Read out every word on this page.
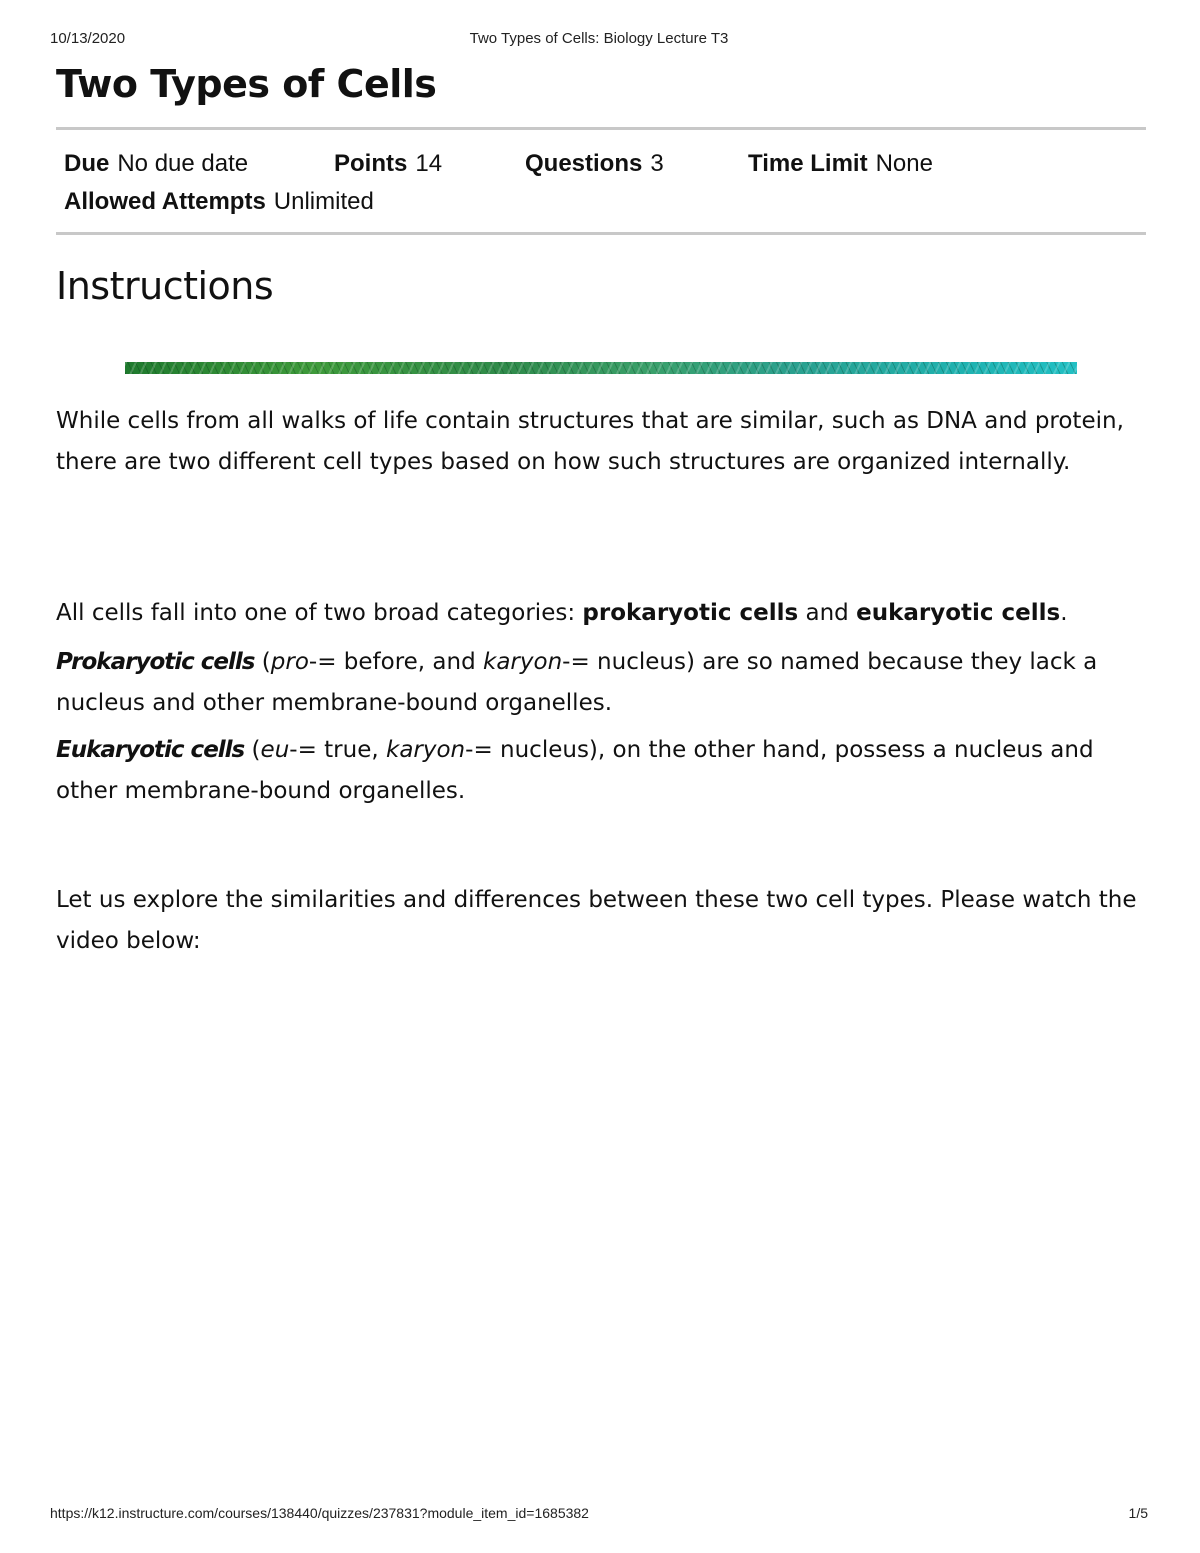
10/13/2020	Two Types of Cells: Biology Lecture T3
Two Types of Cells
Due No due date	Points 14	Questions 3	Time Limit None
Allowed Attempts Unlimited
Instructions

While cells from all walks of life contain structures that are similar, such as DNA and protein, there are two different cell types based on how such structures are organized internally.

All cells fall into one of two broad categories: prokaryotic cells and eukaryotic cells.

Prokaryotic cells (pro-= before, and karyon-= nucleus) are so named because they lack a nucleus and other membrane-bound organelles.

Eukaryotic cells (eu-= true, karyon-= nucleus), on the other hand, possess a nucleus and other membrane-bound organelles.

Let us explore the similarities and differences between these two cell types. Please watch the video below:

https://k12.instructure.com/courses/138440/quizzes/237831?module_item_id=1685382	1/5
